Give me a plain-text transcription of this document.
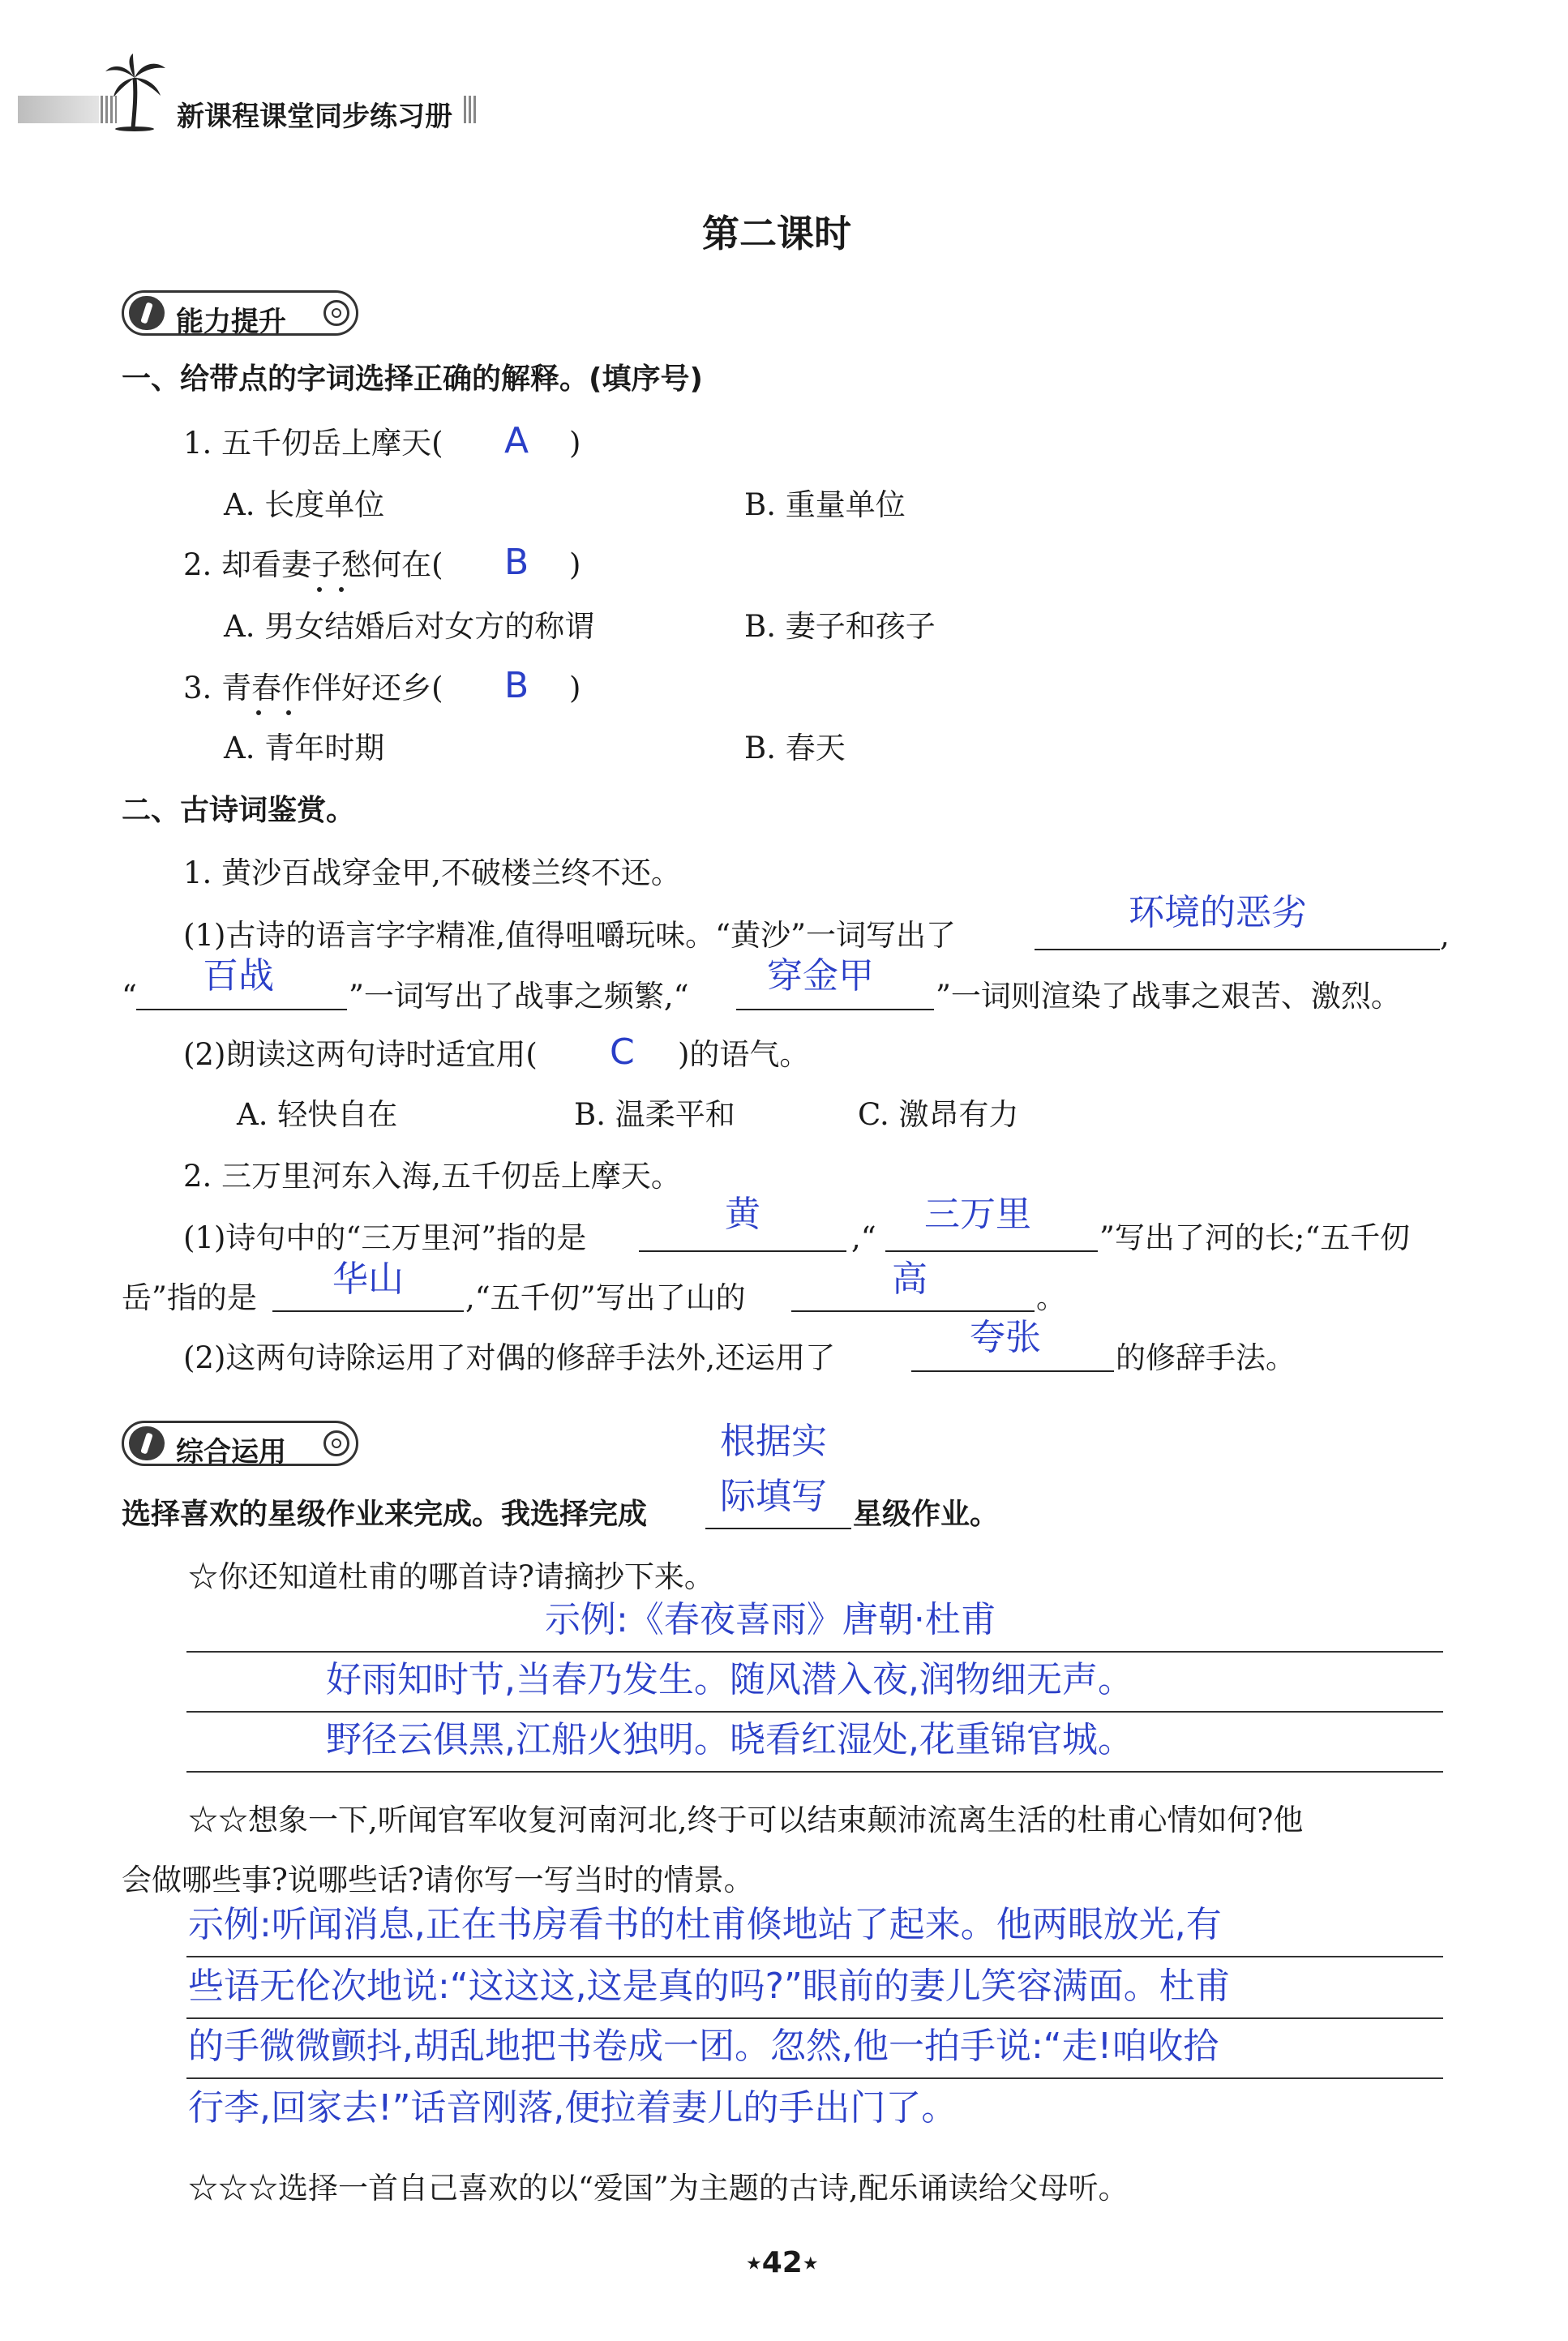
新课程课堂同步练习册
第二课时
能力提升
一、给带点的字词选择正确的解释。(填序号)
1. 五千仞岳上摩天( A )
A. 长度单位	B. 重量单位
2. 却看妻子愁何在( B )
A. 男女结婚后对女方的称谓	B. 妻子和孩子
3. 青春作伴好还乡( B )
A. 青年时期	B. 春天
二、古诗词鉴赏。
1. 黄沙百战穿金甲,不破楼兰终不还。
(1)古诗的语言字字精准,值得咀嚼玩味。“黄沙”一词写出了
环境的恶劣
,
“ 百战 ”一词写出了战事之频繁,“ 穿金甲 ”一词则渲染了战事之艰苦、激烈。
(2)朗读这两句诗时适宜用( C )的语气。
A. 轻快自在	B. 温柔平和	C. 激昂有力
2. 三万里河东入海,五千仞岳上摩天。
(1)诗句中的“三万里河”指的是
黄
,“
三万里
”写出了河的长;“五千仞
岳”指的是 华山 ,“五千仞”写出了山的	高	。
(2)这两句诗除运用了对偶的修辞手法外,还运用了	夸张 的修辞手法。
综合运用	根据实
选择喜欢的星级作业来完成。我选择完成 际填写 星级作业。
☆你还知道杜甫的哪首诗?请摘抄下来。
示例:《春夜喜雨》唐朝·杜甫
好雨知时节,当春乃发生。随风潜入夜,润物细无声。
野径云俱黑,江船火独明。晓看红湿处,花重锦官城。
☆☆想象一下,听闻官军收复河南河北,终于可以结束颠沛流离生活的杜甫心情如何?他
会做哪些事?说哪些话?请你写一写当时的情景。
示例:听闻消息,正在书房看书的杜甫倏地站了起来。他两眼放光,有
些语无伦次地说:“这这这,这是真的吗?”眼前的妻儿笑容满面。杜甫
的手微微颤抖,胡乱地把书卷成一团。忽然,他一拍手说:“走!咱收拾
行李,回家去!”话音刚落,便拉着妻儿的手出门了。
☆☆☆选择一首自己喜欢的以“爱国”为主题的古诗,配乐诵读给父母听。
★42★
